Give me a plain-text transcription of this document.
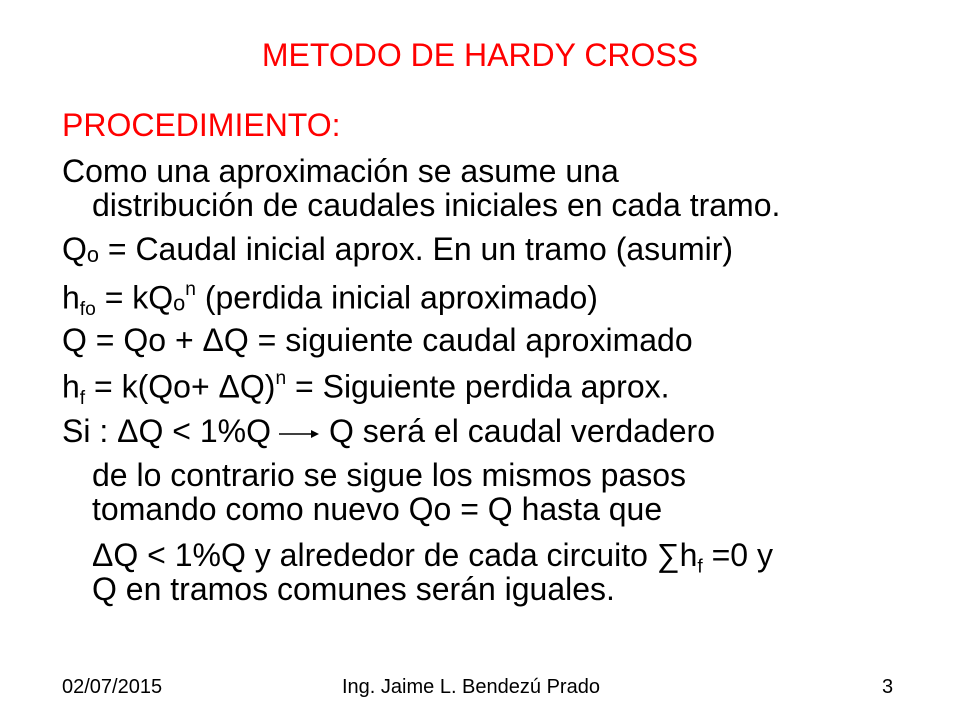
METODO DE HARDY CROSS
PROCEDIMIENTO:
Como una aproximación se asume una
distribución de caudales iniciales en cada tramo.
Qₒ = Caudal inicial aprox. En un tramo (asumir)
$h_{fo} = kQ_o^n$ (perdida inicial aproximado)
Q = Qo + ΔQ = siguiente caudal aproximado
$h_f = k(Qo+ \Delta Q)^n$ = Siguiente perdida aprox.
Si : ΔQ < 1%Q Q será el caudal verdadero
de lo contrario se sigue los mismos pasos
tomando como nuevo Qo = Q hasta que
ΔQ < 1%Q y alrededor de cada circuito $\sum h_f =0$ y
Q en tramos comunes serán iguales.
02/07/2015	Ing. Jaime L. Bendezú Prado	3
